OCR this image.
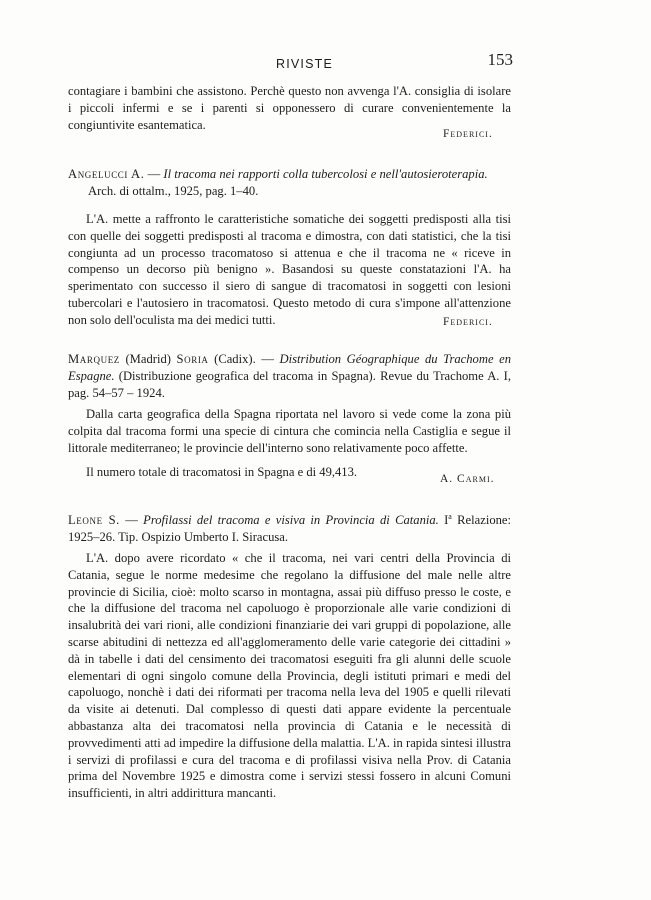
RIVISTE	153

contagiare i bambini che assistono. Perchè questo non avvenga l'A. consiglia di isolare i piccoli infermi e se i parenti si opponessero di curare convenientemente la congiuntivite esantematica.

Federici.

Angelucci A. — Il tracoma nei rapporti colla tubercolosi e nell'autosieroterapia.
Arch. di ottalm., 1925, pag. 1–40.

L'A. mette a raffronto le caratteristiche somatiche dei soggetti predisposti alla tisi con quelle dei soggetti predisposti al tracoma e dimostra, con dati statistici, che la tisi congiunta ad un processo tracomatoso si attenua e che il tracoma ne « riceve in compenso un decorso più benigno ». Basandosi su queste constatazioni l'A. ha sperimentato con successo il siero di sangue di tracomatosi in soggetti con lesioni tubercolari e l'autosiero in tracomatosi. Questo metodo di cura s'impone all'attenzione non solo dell'oculista ma dei medici tutti.	Federici.

Marquez (Madrid) Soria (Cadix). — Distribution Géographique du Trachome en Espagne. (Distribuzione geografica del tracoma in Spagna). Revue du Trachome A. I, pag. 54–57 – 1924.

Dalla carta geografica della Spagna riportata nel lavoro si vede come la zona più colpita dal tracoma formi una specie di cintura che comincia nella Castiglia e segue il littorale mediterraneo; le provincie dell'interno sono relativamente poco affette.

Il numero totale di tracomatosi in Spagna e di 49,413.	A. Carmi.

Leone S. — Profilassi del tracoma e visiva in Provincia di Catania. $I^a$ Relazione: 1925–26. Tip. Ospizio Umberto I. Siracusa.

L'A. dopo avere ricordato « che il tracoma, nei vari centri della Provincia di Catania, segue le norme medesime che regolano la diffusione del male nelle altre provincie di Sicilia, cioè: molto scarso in montagna, assai più diffuso presso le coste, e che la diffusione del tracoma nel capoluogo è proporzionale alle varie condizioni di insalubrità dei vari rioni, alle condizioni finanziarie dei vari gruppi di popolazione, alle scarse abitudini di nettezza ed all'agglomeramento delle varie categorie dei cittadini » dà in tabelle i dati del censimento dei tracomatosi eseguiti fra gli alunni delle scuole elementari di ogni singolo comune della Provincia, degli istituti primari e medi del capoluogo, nonchè i dati dei riformati per tracoma nella leva del 1905 e quelli rilevati da visite ai detenuti. Dal complesso di questi dati appare evidente la percentuale abbastanza alta dei tracomatosi nella provincia di Catania e le necessità di provvedimenti atti ad impedire la diffusione della malattia. L'A. in rapida sintesi illustra i servizi di profilassi e cura del tracoma e di profilassi visiva nella Prov. di Catania prima del Novembre 1925 e dimostra come i servizi stessi fossero in alcuni Comuni insufficienti, in altri addirittura mancanti.
